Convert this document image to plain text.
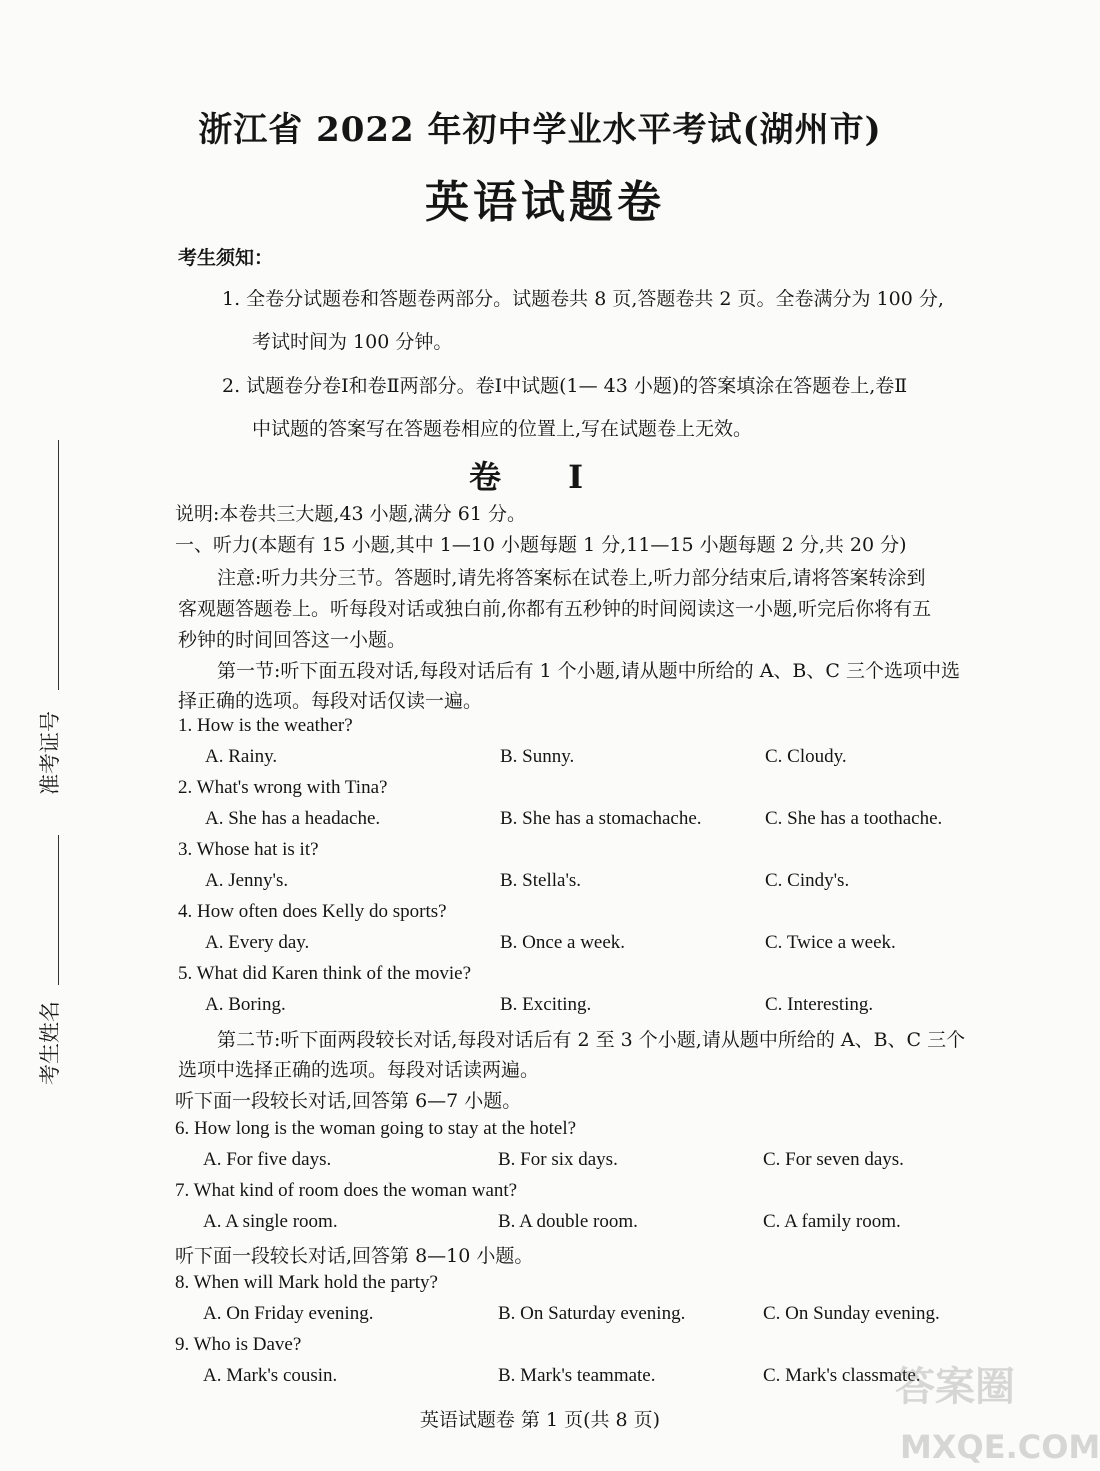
浙江省 2022 年初中学业水平考试(湖州市)
英语试题卷
考生须知：
1. 全卷分试题卷和答题卷两部分。试题卷共 8 页,答题卷共 2 页。全卷满分为 100 分,
考试时间为 100 分钟。
2. 试题卷分卷Ⅰ和卷Ⅱ两部分。卷Ⅰ中试题(1— 43 小题)的答案填涂在答题卷上,卷Ⅱ
中试题的答案写在答题卷相应的位置上,写在试题卷上无效。
卷 Ⅰ
说明:本卷共三大题,43 小题,满分 61 分。
一、听力(本题有 15 小题,其中 1—10 小题每题 1 分,11—15 小题每题 2 分,共 20 分)
注意:听力共分三节。答题时,请先将答案标在试卷上,听力部分结束后,请将答案转涂到
客观题答题卷上。听每段对话或独白前,你都有五秒钟的时间阅读这一小题,听完后你将有五
秒钟的时间回答这一小题。
第一节:听下面五段对话,每段对话后有 1 个小题,请从题中所给的 A、B、C 三个选项中选
择正确的选项。每段对话仅读一遍。
1. How is the weather?
A. Rainy.	B. Sunny.	C. Cloudy.
2. What's wrong with Tina?
A. She has a headache.	B. She has a stomachache.	C. She has a toothache.
3. Whose hat is it?
A. Jenny's.	B. Stella's.	C. Cindy's.
4. How often does Kelly do sports?
A. Every day.	B. Once a week.	C. Twice a week.
5. What did Karen think of the movie?
A. Boring.	B. Exciting.	C. Interesting.
第二节:听下面两段较长对话,每段对话后有 2 至 3 个小题,请从题中所给的 A、B、C 三个
选项中选择正确的选项。每段对话读两遍。
听下面一段较长对话,回答第 6—7 小题。
6. How long is the woman going to stay at the hotel?
A. For five days.	B. For six days.	C. For seven days.
7. What kind of room does the woman want?
A. A single room.	B. A double room.	C. A family room.
听下面一段较长对话,回答第 8—10 小题。
8. When will Mark hold the party?
A. On Friday evening.	B. On Saturday evening.	C. On Sunday evening.
9. Who is Dave?
A. Mark's cousin.	B. Mark's teammate.	C. Mark's classmate.
英语试题卷 第 1 页(共 8 页)
准考证号
考生姓名
答案圈
MXQE.COM
